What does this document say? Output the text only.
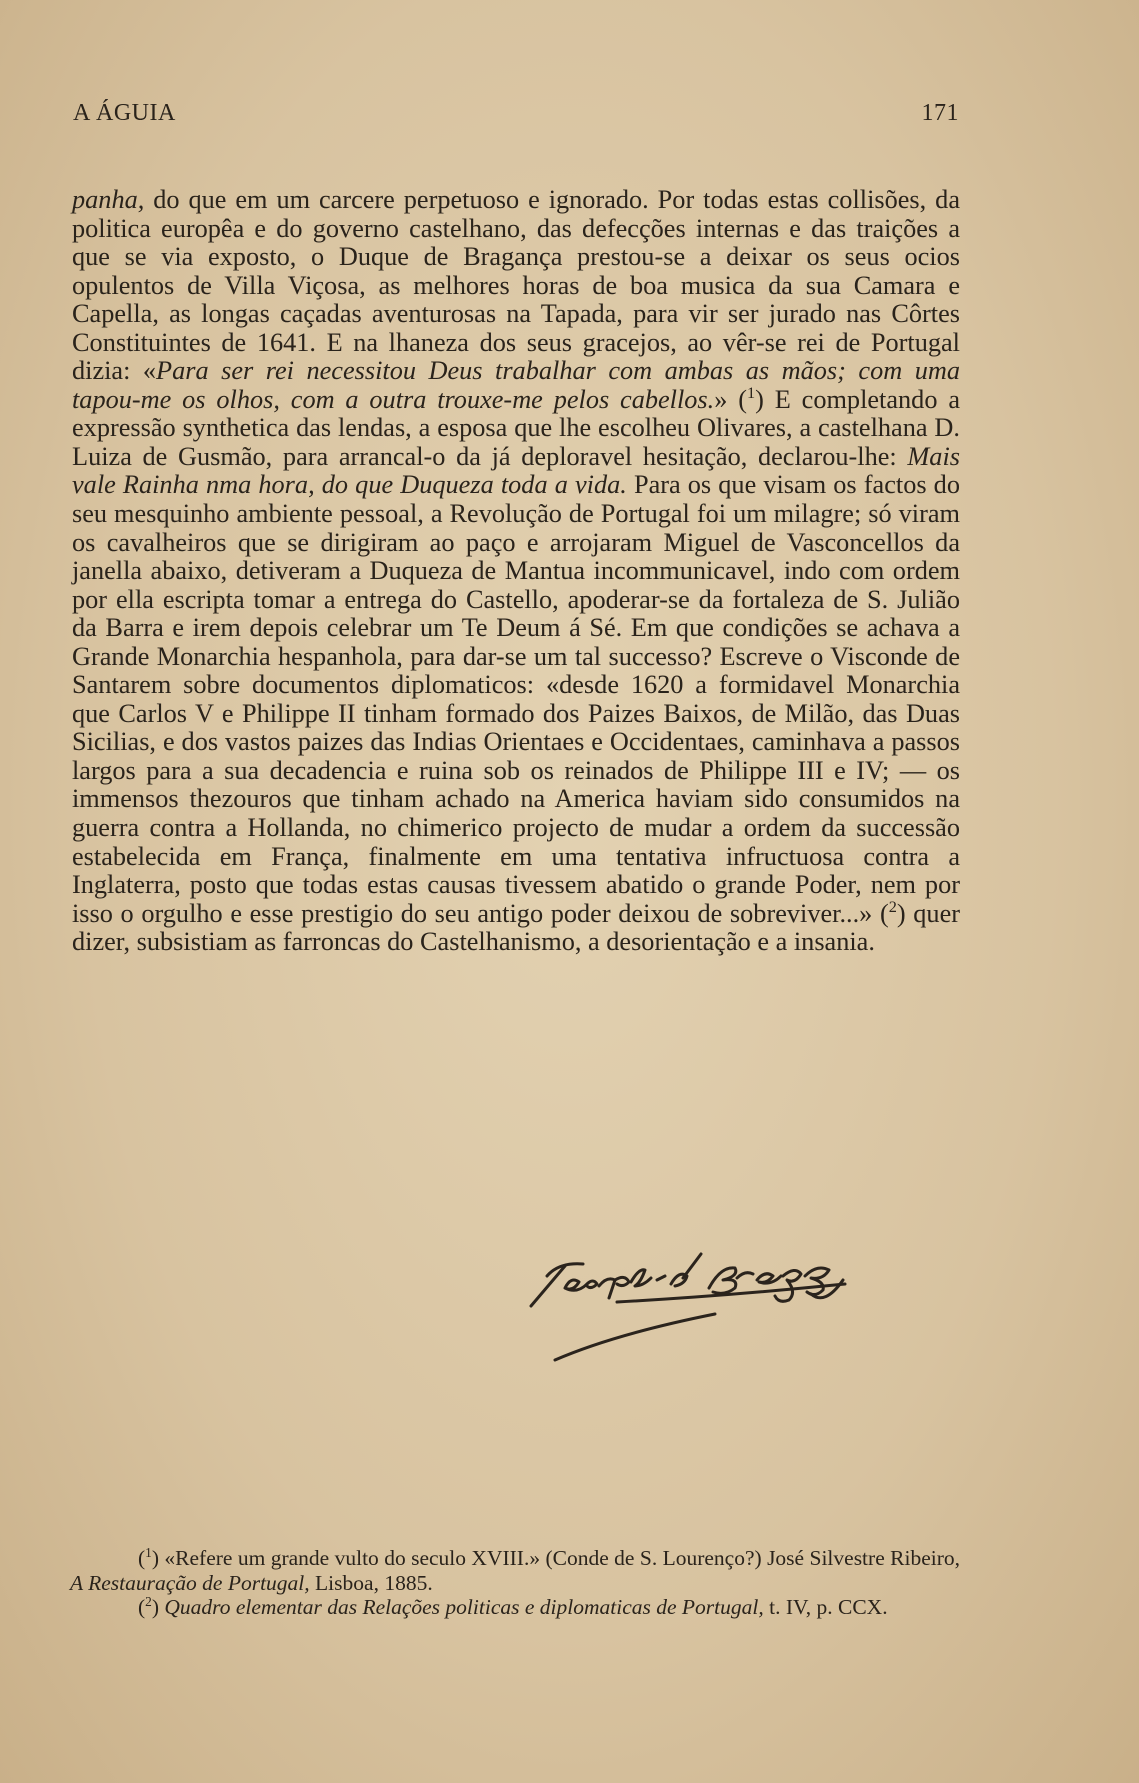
A ÁGUIA	171

panha, do que em um carcere perpetuoso e ignorado. Por todas estas collisões, da politica europêa e do governo castelhano, das defecções internas e das traições a que se via exposto, o Duque de Bragança prestou-se a deixar os seus ocios opulentos de Villa Viçosa, as melhores horas de boa musica da sua Camara e Capella, as longas caçadas aventurosas na Tapada, para vir ser jurado nas Côrtes Constituintes de 1641. E na lhaneza dos seus gracejos, ao vêr-se rei de Portugal dizia: «Para ser rei necessitou Deus trabalhar com ambas as mãos; com uma tapou-me os olhos, com a outra trouxe-me pelos cabellos.» ($^1$) E completando a expressão synthetica das lendas, a esposa que lhe escolheu Olivares, a castelhana D. Luiza de Gusmão, para arrancal-o da já deploravel hesitação, declarou-lhe: Mais vale Rainha nma hora, do que Duqueza toda a vida. Para os que visam os factos do seu mesquinho ambiente pessoal, a Revolução de Portugal foi um milagre; só viram os cavalheiros que se dirigiram ao paço e arrojaram Miguel de Vasconcellos da janella abaixo, detiveram a Duqueza de Mantua incommunicavel, indo com ordem por ella escripta tomar a entrega do Castello, apoderar-se da fortaleza de S. Julião da Barra e irem depois celebrar um Te Deum á Sé. Em que condições se achava a Grande Monarchia hespanhola, para dar-se um tal successo? Escreve o Visconde de Santarem sobre documentos diplomaticos: «desde 1620 a formidavel Monarchia que Carlos V e Philippe II tinham formado dos Paizes Baixos, de Milão, das Duas Sicilias, e dos vastos paizes das Indias Orientaes e Occidentaes, caminhava a passos largos para a sua decadencia e ruina sob os reinados de Philippe III e IV; — os immensos thezouros que tinham achado na America haviam sido consumidos na guerra contra a Hollanda, no chimerico projecto de mudar a ordem da successão estabelecida em França, finalmente em uma tentativa infructuosa contra a Inglaterra, posto que todas estas causas tivessem abatido o grande Poder, nem por isso o orgulho e esse prestigio do seu antigo poder deixou de sobreviver...» ($^2$) quer dizer, subsistiam as farroncas do Castelhanismo, a desorientação e a insania.

($^1$) «Refere um grande vulto do seculo XVIII.» (Conde de S. Lourenço?) José Silvestre Ribeiro, A Restauração de Portugal, Lisboa, 1885.

($^2$) Quadro elementar das Relações politicas e diplomaticas de Portugal, t. IV, p. CCX.
